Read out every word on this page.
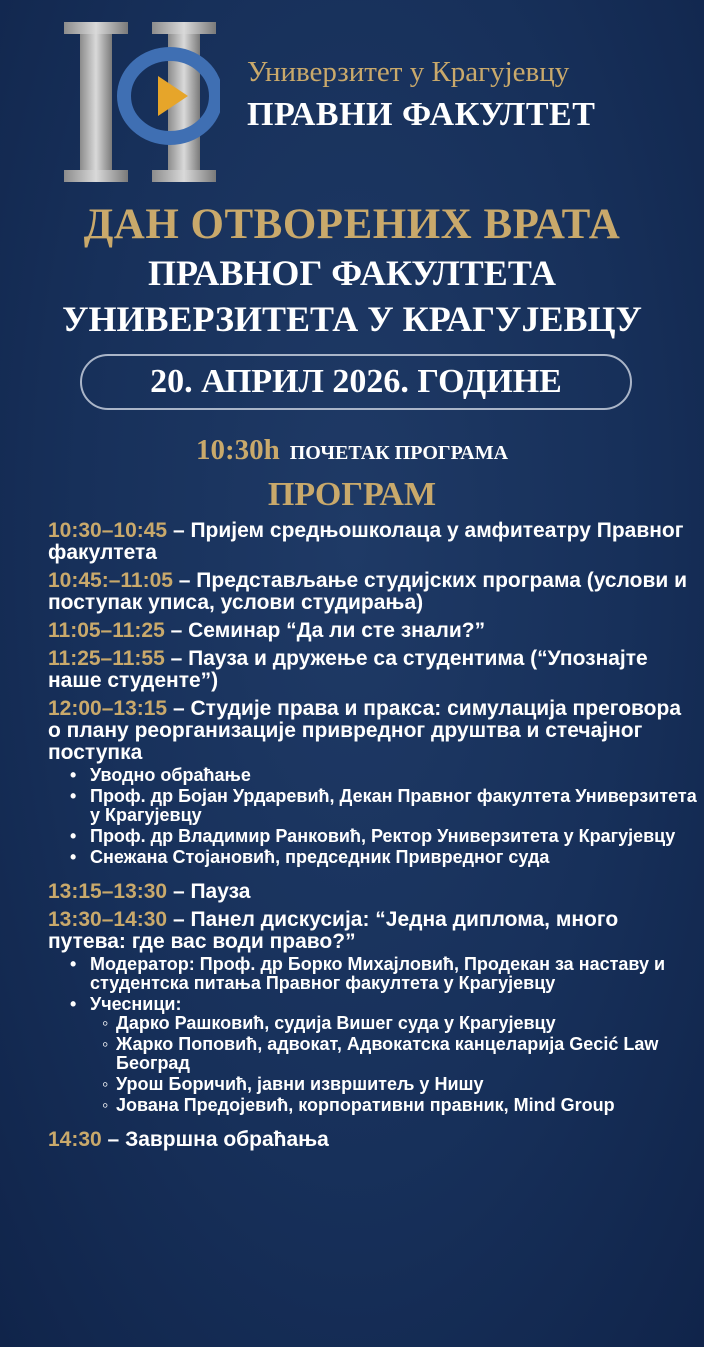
Универзитет у Крагујевцу
ПРАВНИ ФАКУЛТЕТ
ДАН ОТВОРЕНИХ ВРАТА
ПРАВНОГ ФАКУЛТЕТА
УНИВЕРЗИТЕТА У КРАГУЈЕВЦУ
20. АПРИЛ 2026. ГОДИНЕ
10:30h ПОЧЕТАК ПРОГРАМА
ПРОГРАМ
10:30–10:45 – Пријем средњошколаца у амфитеатру Правног факултета
10:45:–11:05 – Представљање студијских програма (услови и поступак уписа, услови студирања)
11:05–11:25 – Семинар “Да ли сте знали?”
11:25–11:55 – Пауза и дружење са студентима (“Упознајте наше студенте”)
12:00–13:15 – Студије права и пракса: симулација преговора о плану реорганизације привредног друштва и стечајног поступка
• Уводно обраћање
• Проф. др Бојан Урдаревић, Декан Правног факултета Универзитета у Крагујевцу
• Проф. др Владимир Ранковић, Ректор Универзитета у Крагујевцу
• Снежана Стојановић, председник Привредног суда
13:15–13:30 – Пауза
13:30–14:30 – Панел дискусија: “Једна диплома, много путева: где вас води право?”
• Модератор: Проф. др Борко Михајловић, Продекан за наставу и студентска питања Правног факултета у Крагујевцу
• Учесници:
◦ Дарко Рашковић, судија Вишег суда у Крагујевцу
◦ Жарко Поповић, адвокат, Адвокатска канцеларија Gecić Law Београд
◦ Урош Боричић, јавни извршитељ у Нишу
◦ Јована Предојевић, корпоративни правник, Mind Group
14:30 – Завршна обраћања
